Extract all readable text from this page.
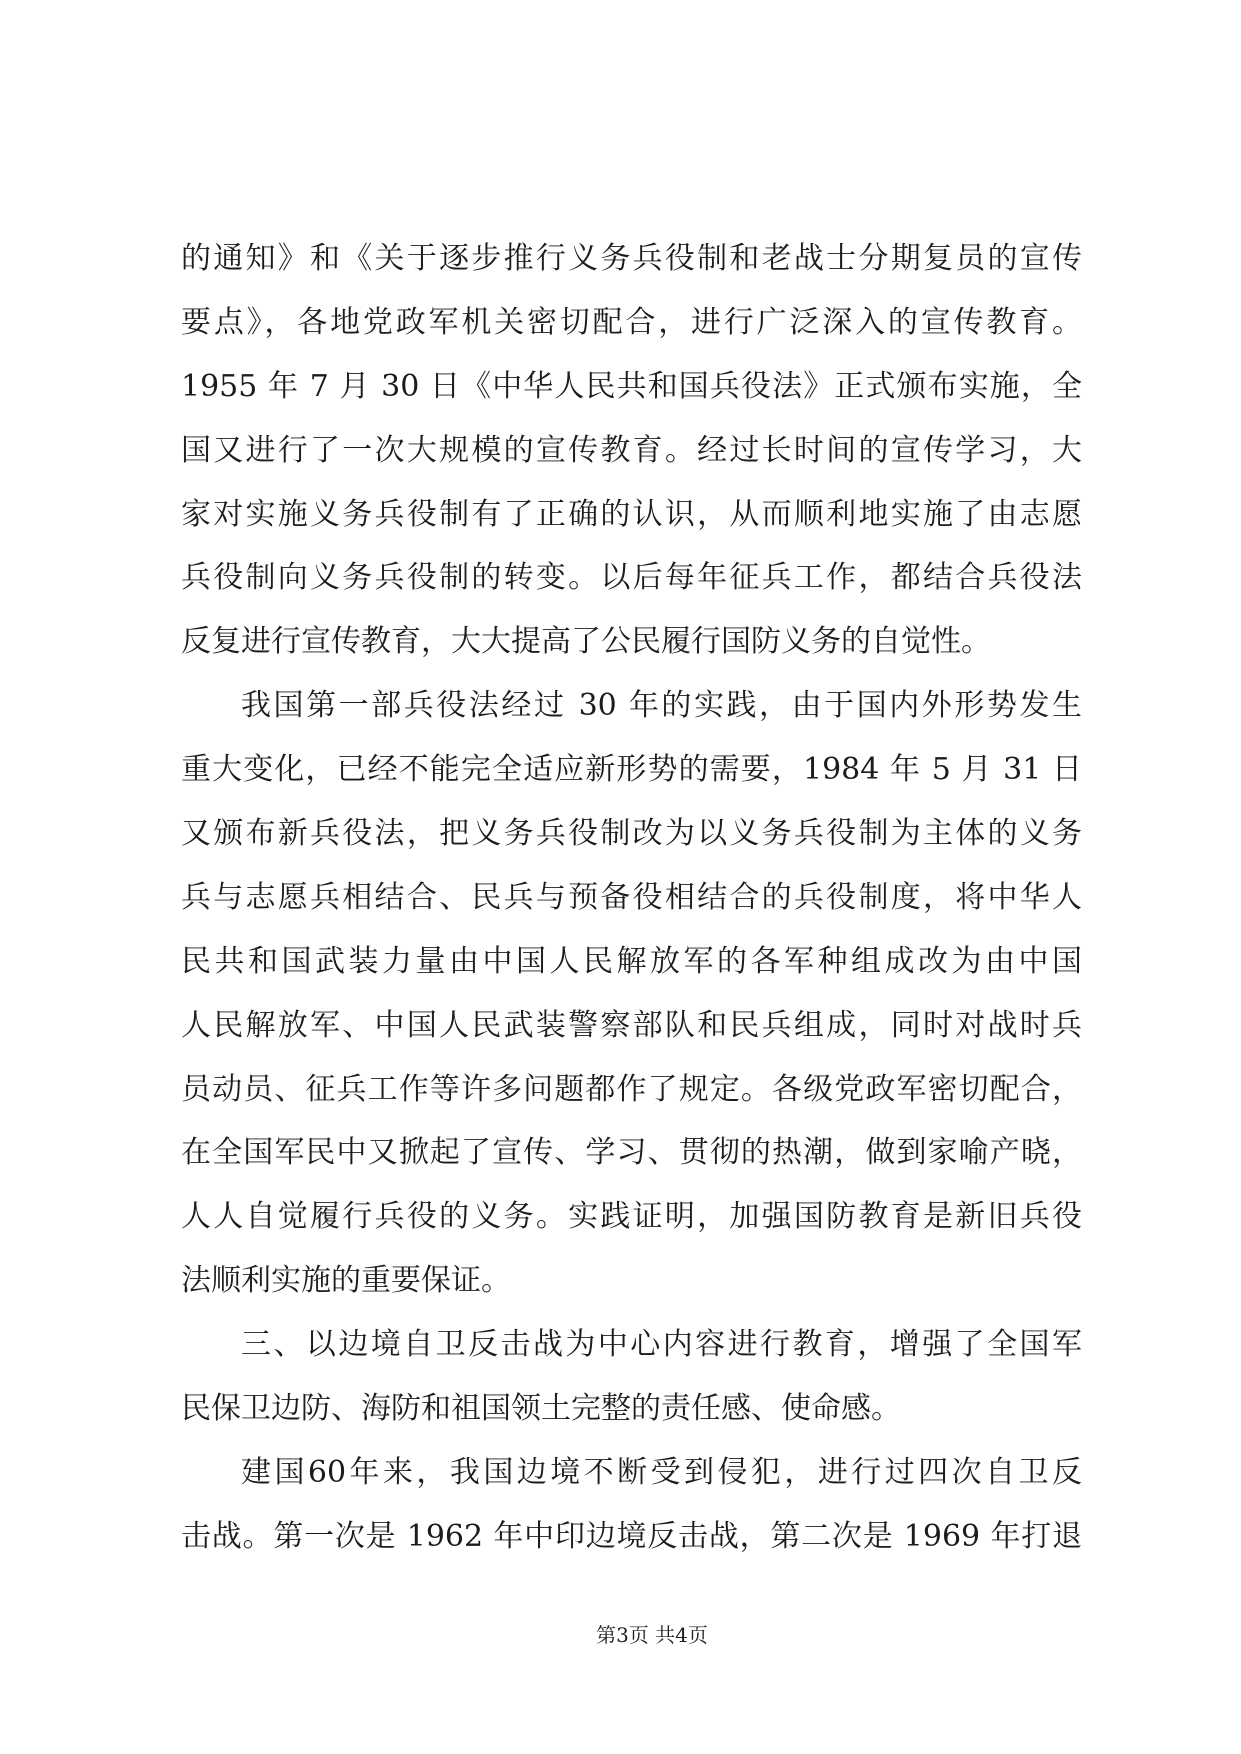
的通知》和《关于逐步推行义务兵役制和老战士分期复员的宣传
要点》，各地党政军机关密切配合，进行广泛深入的宣传教育。
1955 年 7 月 30 日《中华人民共和国兵役法》正式颁布实施，全
国又进行了一次大规模的宣传教育。经过长时间的宣传学习，大
家对实施义务兵役制有了正确的认识，从而顺利地实施了由志愿
兵役制向义务兵役制的转变。以后每年征兵工作，都结合兵役法
反复进行宣传教育，大大提高了公民履行国防义务的自觉性。
我国第一部兵役法经过 30 年的实践，由于国内外形势发生
重大变化，已经不能完全适应新形势的需要，1984 年 5 月 31 日
又颁布新兵役法，把义务兵役制改为以义务兵役制为主体的义务
兵与志愿兵相结合、民兵与预备役相结合的兵役制度，将中华人
民共和国武装力量由中国人民解放军的各军种组成改为由中国
人民解放军、中国人民武装警察部队和民兵组成，同时对战时兵
员动员、征兵工作等许多问题都作了规定。各级党政军密切配合，
在全国军民中又掀起了宣传、学习、贯彻的热潮，做到家喻产晓，
人人自觉履行兵役的义务。实践证明，加强国防教育是新旧兵役
法顺利实施的重要保证。
三、以边境自卫反击战为中心内容进行教育，增强了全国军
民保卫边防、海防和祖国领土完整的责任感、使命感。
建国60年来，我国边境不断受到侵犯，进行过四次自卫反
击战。第一次是 1962 年中印边境反击战，第二次是 1969 年打退
第3页 共4页
